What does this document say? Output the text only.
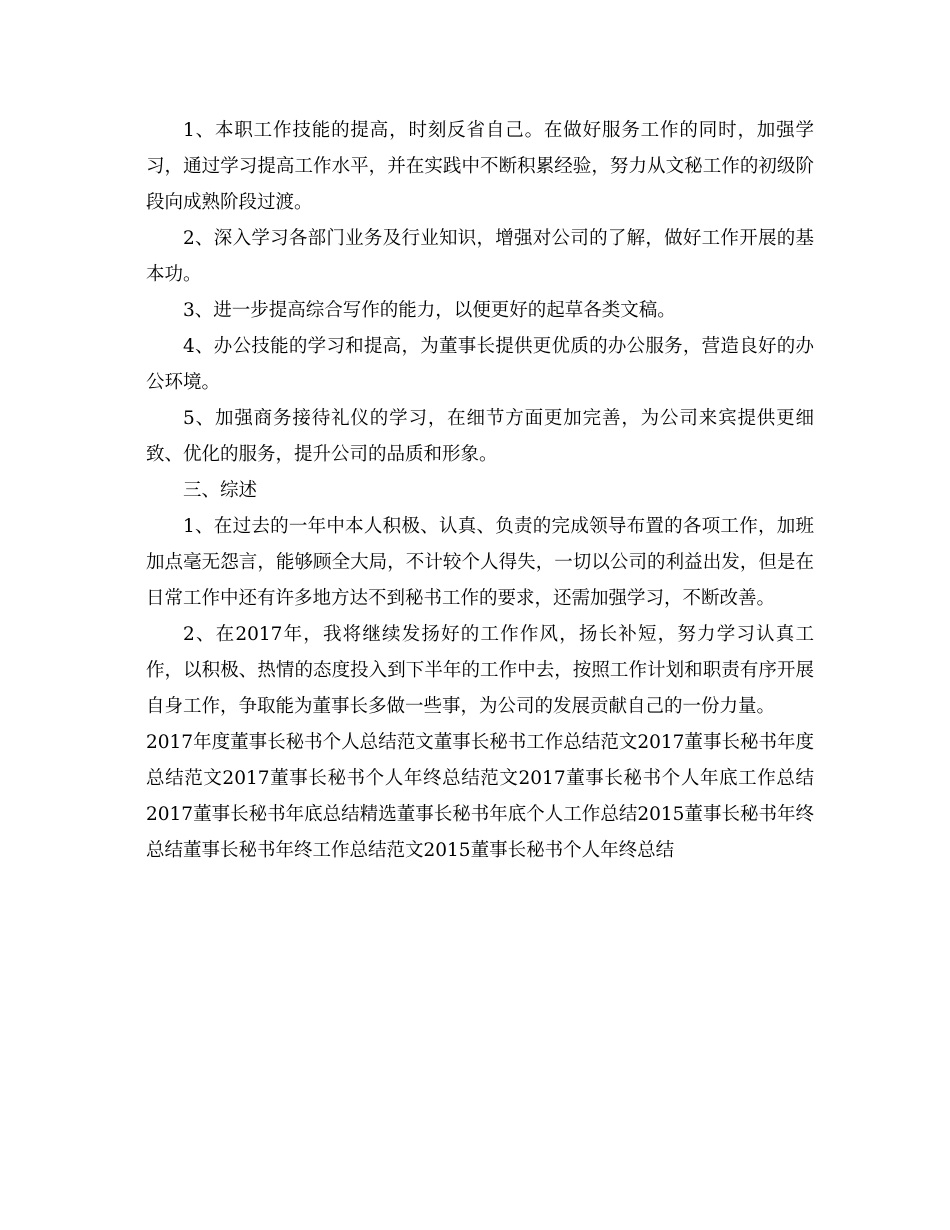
1、本职工作技能的提高，时刻反省自己。在做好服务工作的同时，加强学习，通过学习提高工作水平，并在实践中不断积累经验，努力从文秘工作的初级阶段向成熟阶段过渡。

2、深入学习各部门业务及行业知识，增强对公司的了解，做好工作开展的基本功。

3、进一步提高综合写作的能力，以便更好的起草各类文稿。

4、办公技能的学习和提高，为董事长提供更优质的办公服务，营造良好的办公环境。

5、加强商务接待礼仪的学习，在细节方面更加完善，为公司来宾提供更细致、优化的服务，提升公司的品质和形象。

三、综述

1、在过去的一年中本人积极、认真、负责的完成领导布置的各项工作，加班加点毫无怨言，能够顾全大局，不计较个人得失，一切以公司的利益出发，但是在日常工作中还有许多地方达不到秘书工作的要求，还需加强学习，不断改善。

2、在2017年，我将继续发扬好的工作作风，扬长补短，努力学习认真工作，以积极、热情的态度投入到下半年的工作中去，按照工作计划和职责有序开展自身工作，争取能为董事长多做一些事，为公司的发展贡献自己的一份力量。

2017年度董事长秘书个人总结范文董事长秘书工作总结范文2017董事长秘书年度总结范文2017董事长秘书个人年终总结范文2017董事长秘书个人年底工作总结2017董事长秘书年底总结精选董事长秘书年底个人工作总结2015董事长秘书年终总结董事长秘书年终工作总结范文2015董事长秘书个人年终总结
